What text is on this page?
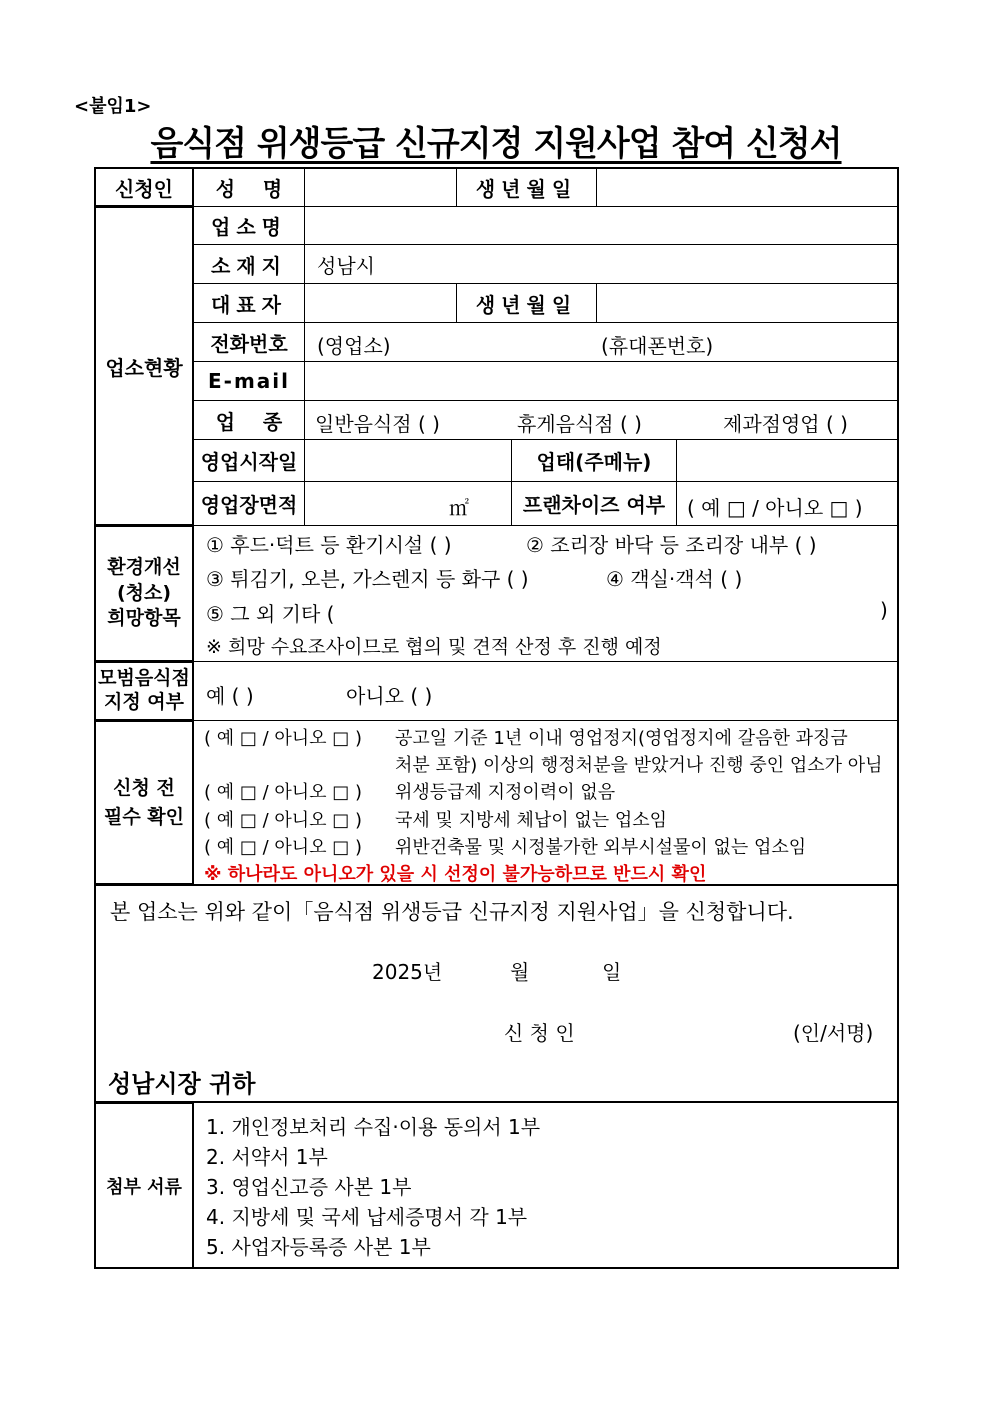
<붙임1>
음식점 위생등급 신규지정 지원사업 참여 신청서
신청인 성    명	생년월일
업소현황
업소명
소재지 성남시
대표자	생년월일
전화번호 (영업소)	(휴대폰번호)
E-mail
업    종 일반음식점 ( )	휴게음식점 ( )	제과점영업 ( )
영업시작일	업태(주메뉴)
영업장면적	㎡	프랜차이즈 여부 ( 예 □ / 아니오 □ )
환경개선
(청소)
희망항목
① 후드·덕트 등 환기시설 ( )	② 조리장 바닥 등 조리장 내부 ( )
③ 튀김기, 오븐, 가스렌지 등 화구 ( )	④ 객실·객석 ( )
⑤ 그 외 기타 (	)
※ 희망 수요조사이므로 협의 및 견적 산정 후 진행 예정
모범음식점
지정 여부 예 ( )	아니오 ( )
신청 전
필수 확인
( 예 □ / 아니오 □ ) 공고일 기준 1년 이내 영업정지(영업정지에 갈음한 과징금
처분 포함) 이상의 행정처분을 받았거나 진행 중인 업소가 아님
( 예 □ / 아니오 □ ) 위생등급제 지정이력이 없음
( 예 □ / 아니오 □ ) 국세 및 지방세 체납이 없는 업소임
( 예 □ / 아니오 □ ) 위반건축물 및 시정불가한 외부시설물이 없는 업소임
※ 하나라도 아니오가 있을 시 선정이 불가능하므로 반드시 확인
본 업소는 위와 같이「음식점 위생등급 신규지정 지원사업」을 신청합니다.
2025년	월	일
신 청 인	(인/서명)
성남시장 귀하
첨부 서류
1. 개인정보처리 수집·이용 동의서 1부
2. 서약서 1부
3. 영업신고증 사본 1부
4. 지방세 및 국세 납세증명서 각 1부
5. 사업자등록증 사본 1부
